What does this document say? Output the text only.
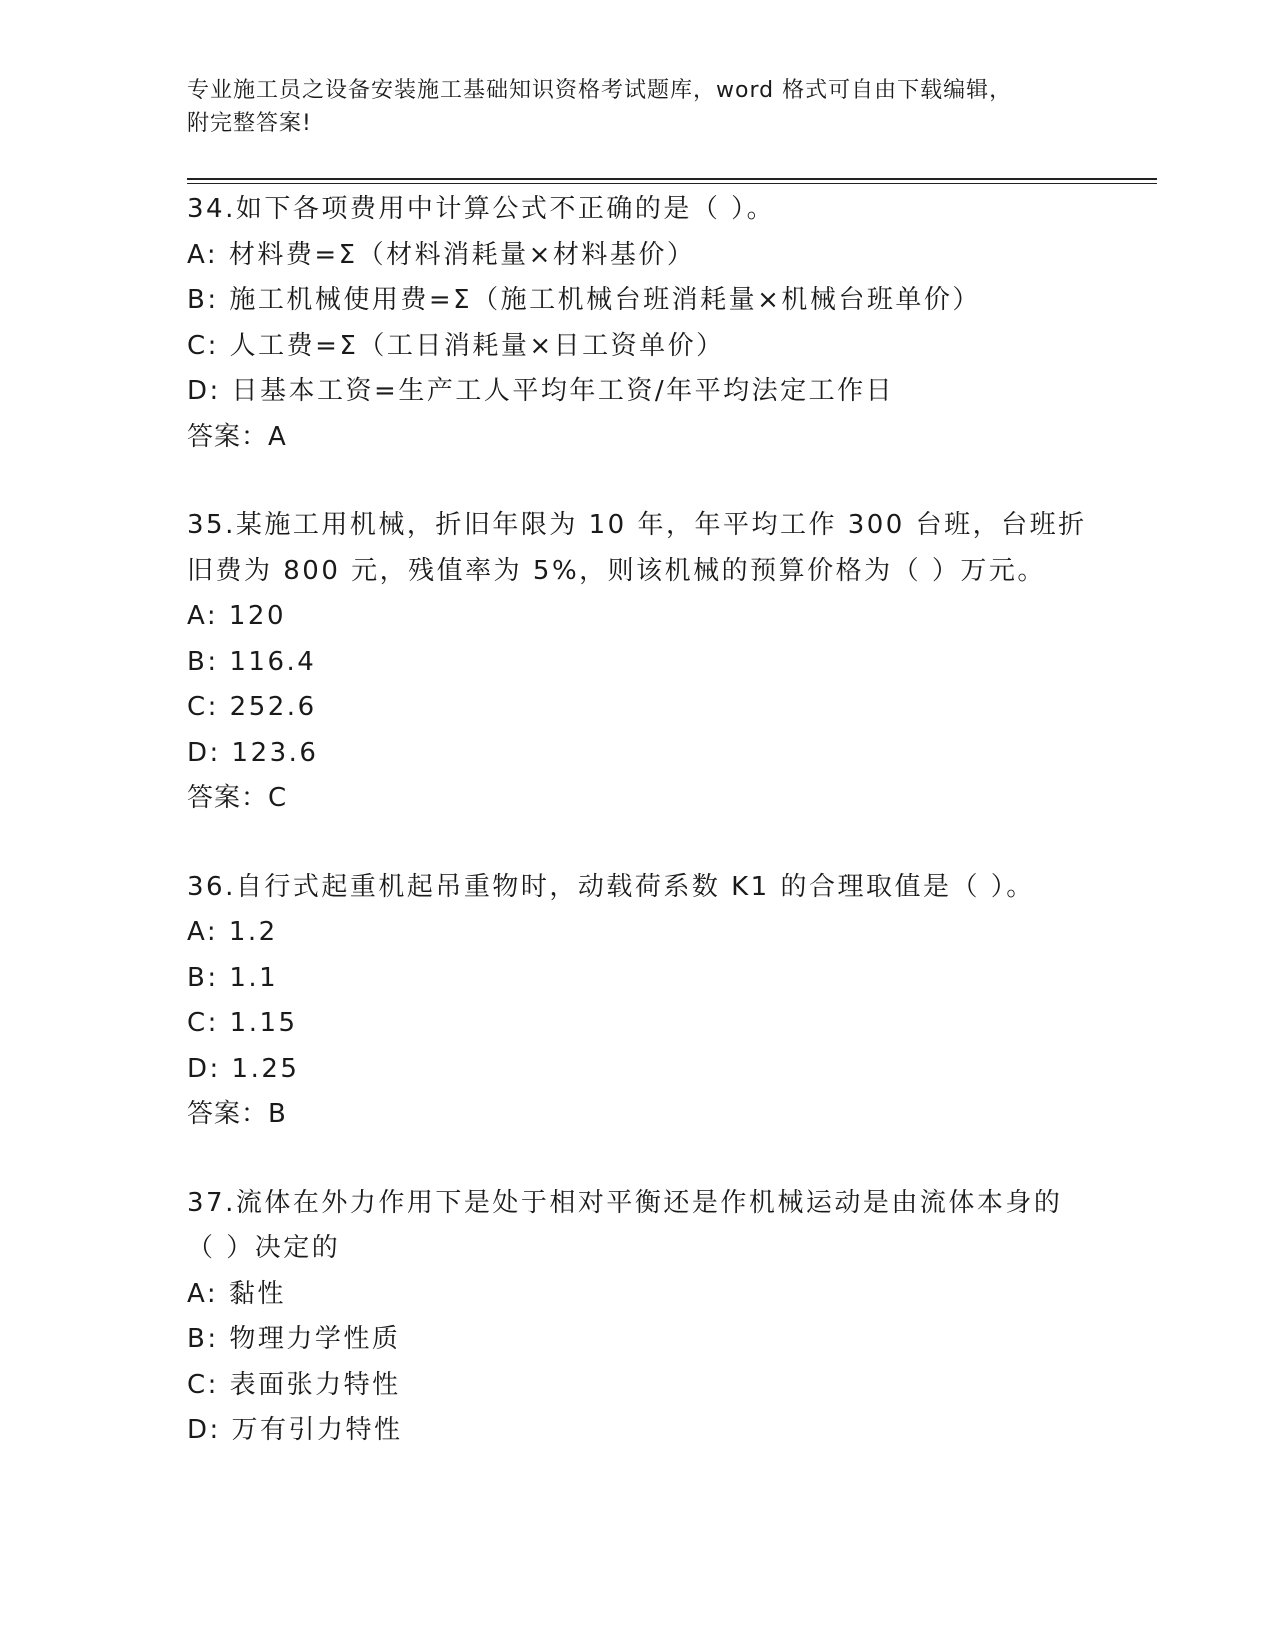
专业施工员之设备安装施工基础知识资格考试题库，word 格式可自由下载编辑，
附完整答案!
34.如下各项费用中计算公式不正确的是（ ）。
A: 材料费=Σ（材料消耗量×材料基价）
B: 施工机械使用费=Σ（施工机械台班消耗量×机械台班单价）
C: 人工费=Σ（工日消耗量×日工资单价）
D: 日基本工资=生产工人平均年工资/年平均法定工作日
答案：A
35.某施工用机械，折旧年限为 10 年，年平均工作 300 台班，台班折
旧费为 800 元，残值率为 5%，则该机械的预算价格为（ ）万元。
A: 120
B: 116.4
C: 252.6
D: 123.6
答案：C
36.自行式起重机起吊重物时，动载荷系数 K1 的合理取值是（ ）。
A: 1.2
B: 1.1
C: 1.15
D: 1.25
答案：B
37.流体在外力作用下是处于相对平衡还是作机械运动是由流体本身的
（ ）决定的
A: 黏性
B: 物理力学性质
C: 表面张力特性
D: 万有引力特性
